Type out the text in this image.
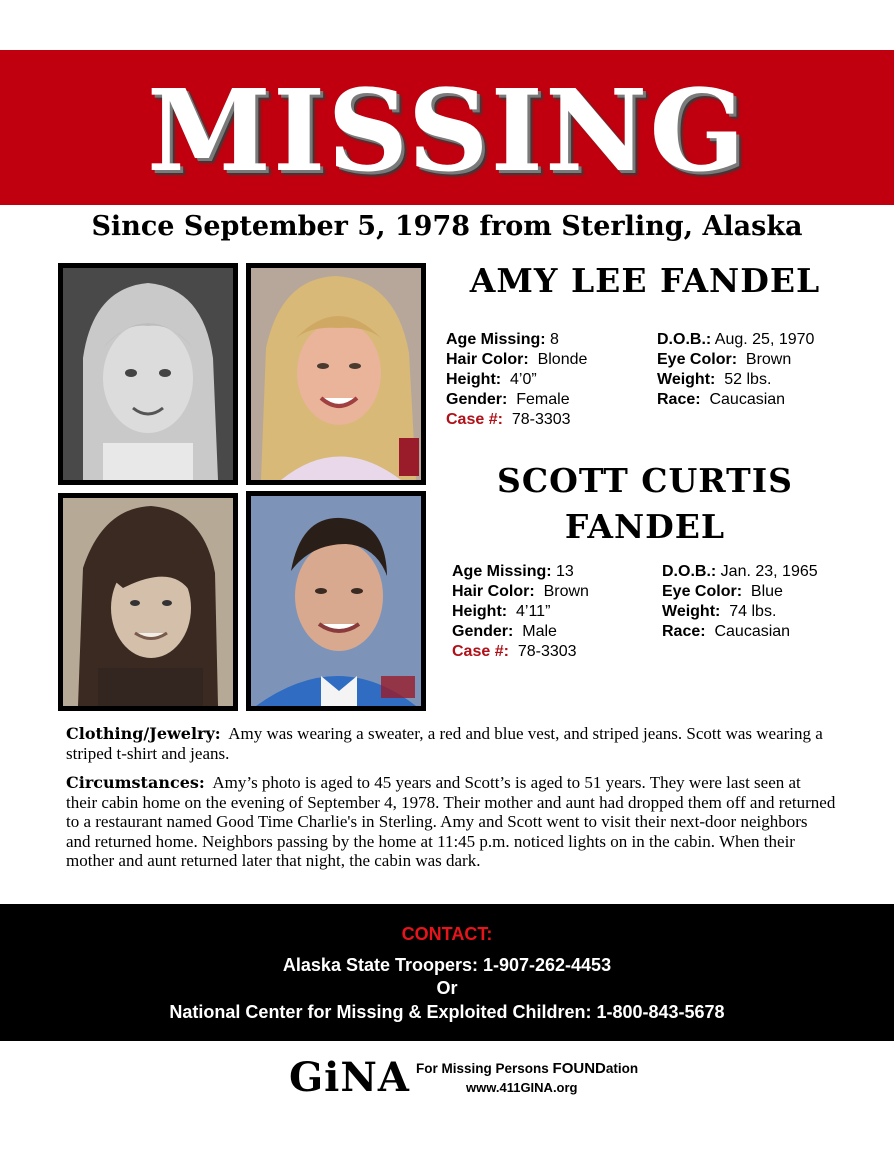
MISSING
Since September 5, 1978 from Sterling, Alaska
AMY LEE FANDEL
Age Missing: 8
Hair Color: Blonde
Height: 4’0”
Gender: Female
Case #: 78-3303
D.O.B.: Aug. 25, 1970
Eye Color: Brown
Weight: 52 lbs.
Race: Caucasian
SCOTT CURTIS
FANDEL
Age Missing: 13
Hair Color: Brown
Height: 4’11”
Gender: Male
Case #: 78-3303
D.O.B.: Jan. 23, 1965
Eye Color: Blue
Weight: 74 lbs.
Race: Caucasian
Clothing/Jewelry: Amy was wearing a sweater, a red and blue vest, and striped jeans. Scott was wearing a striped t-shirt and jeans.
Circumstances: Amy’s photo is aged to 45 years and Scott’s is aged to 51 years. They were last seen at their cabin home on the evening of September 4, 1978. Their mother and aunt had dropped them off and returned to a restaurant named Good Time Charlie's in Sterling. Amy and Scott went to visit their next-door neighbors and returned home. Neighbors passing by the home at 11:45 p.m. noticed lights on in the cabin. When their mother and aunt returned later that night, the cabin was dark.
CONTACT:
Alaska State Troopers: 1-907-262-4453
Or
National Center for Missing & Exploited Children: 1-800-843-5678
GiNA For Missing Persons FOUNDation
www.411GINA.org
